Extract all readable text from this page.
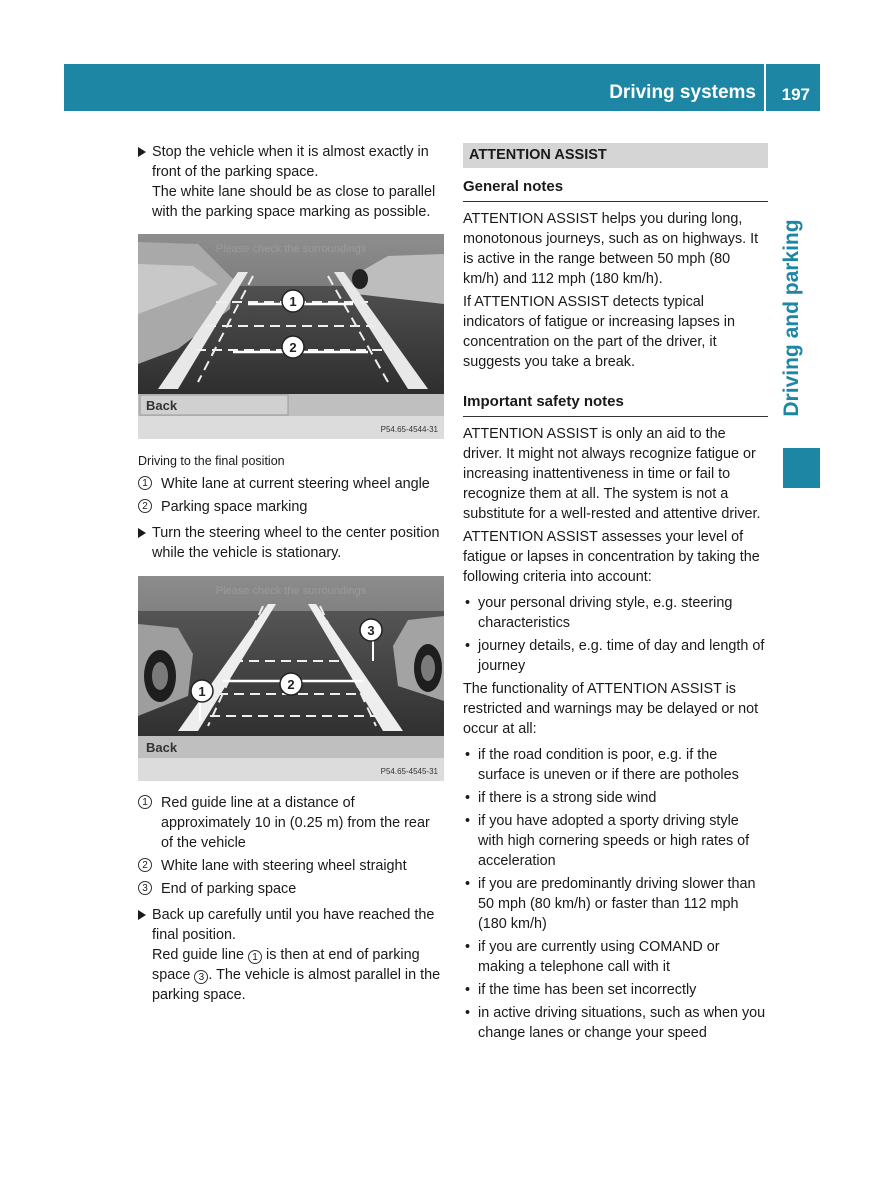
Driving systems 197
Driving and parking

Stop the vehicle when it is almost exactly in front of the parking space.

The white lane should be as close to parallel with the parking space marking as possible.

1
2
Please check the surroundings
Back
P54.65-4544-31

Driving to the final position

1 White lane at current steering wheel angle
2 Parking space marking

Turn the steering wheel to the center position while the vehicle is stationary.

2
1
3
Please check the surroundings
Back
P54.65-4545-31
1 Red guide line at a distance of approximately 10 in (0.25 m) from the rear of the vehicle
2 White lane with steering wheel straight
3 End of parking space

Back up carefully until you have reached the final position.

Red guide line 1 is then at end of parking space 3 . The vehicle is almost parallel in the parking space.

ATTENTION ASSIST
General notes

ATTENTION ASSIST helps you during long, monotonous journeys, such as on highways. It is active in the range between 50 mph (80 km/h) and 112 mph (180 km/h).

If ATTENTION ASSIST detects typical indicators of fatigue or increasing lapses in concentration on the part of the driver, it suggests you take a break.

Important safety notes

ATTENTION ASSIST is only an aid to the driver. It might not always recognize fatigue or increasing inattentiveness in time or fail to recognize them at all. The system is not a substitute for a well-rested and attentive driver.

ATTENTION ASSIST assesses your level of fatigue or lapses in concentration by taking the following criteria into account:

• your personal driving style, e.g. steering characteristics
• journey details, e.g. time of day and length of journey

The functionality of ATTENTION ASSIST is restricted and warnings may be delayed or not occur at all:

• if the road condition is poor, e.g. if the surface is uneven or if there are potholes
• if there is a strong side wind
• if you have adopted a sporty driving style with high cornering speeds or high rates of acceleration
• if you are predominantly driving slower than 50 mph (80 km/h) or faster than 112 mph (180 km/h)
• if you are currently using COMAND or making a telephone call with it
• if the time has been set incorrectly
• in active driving situations, such as when you change lanes or change your speed
